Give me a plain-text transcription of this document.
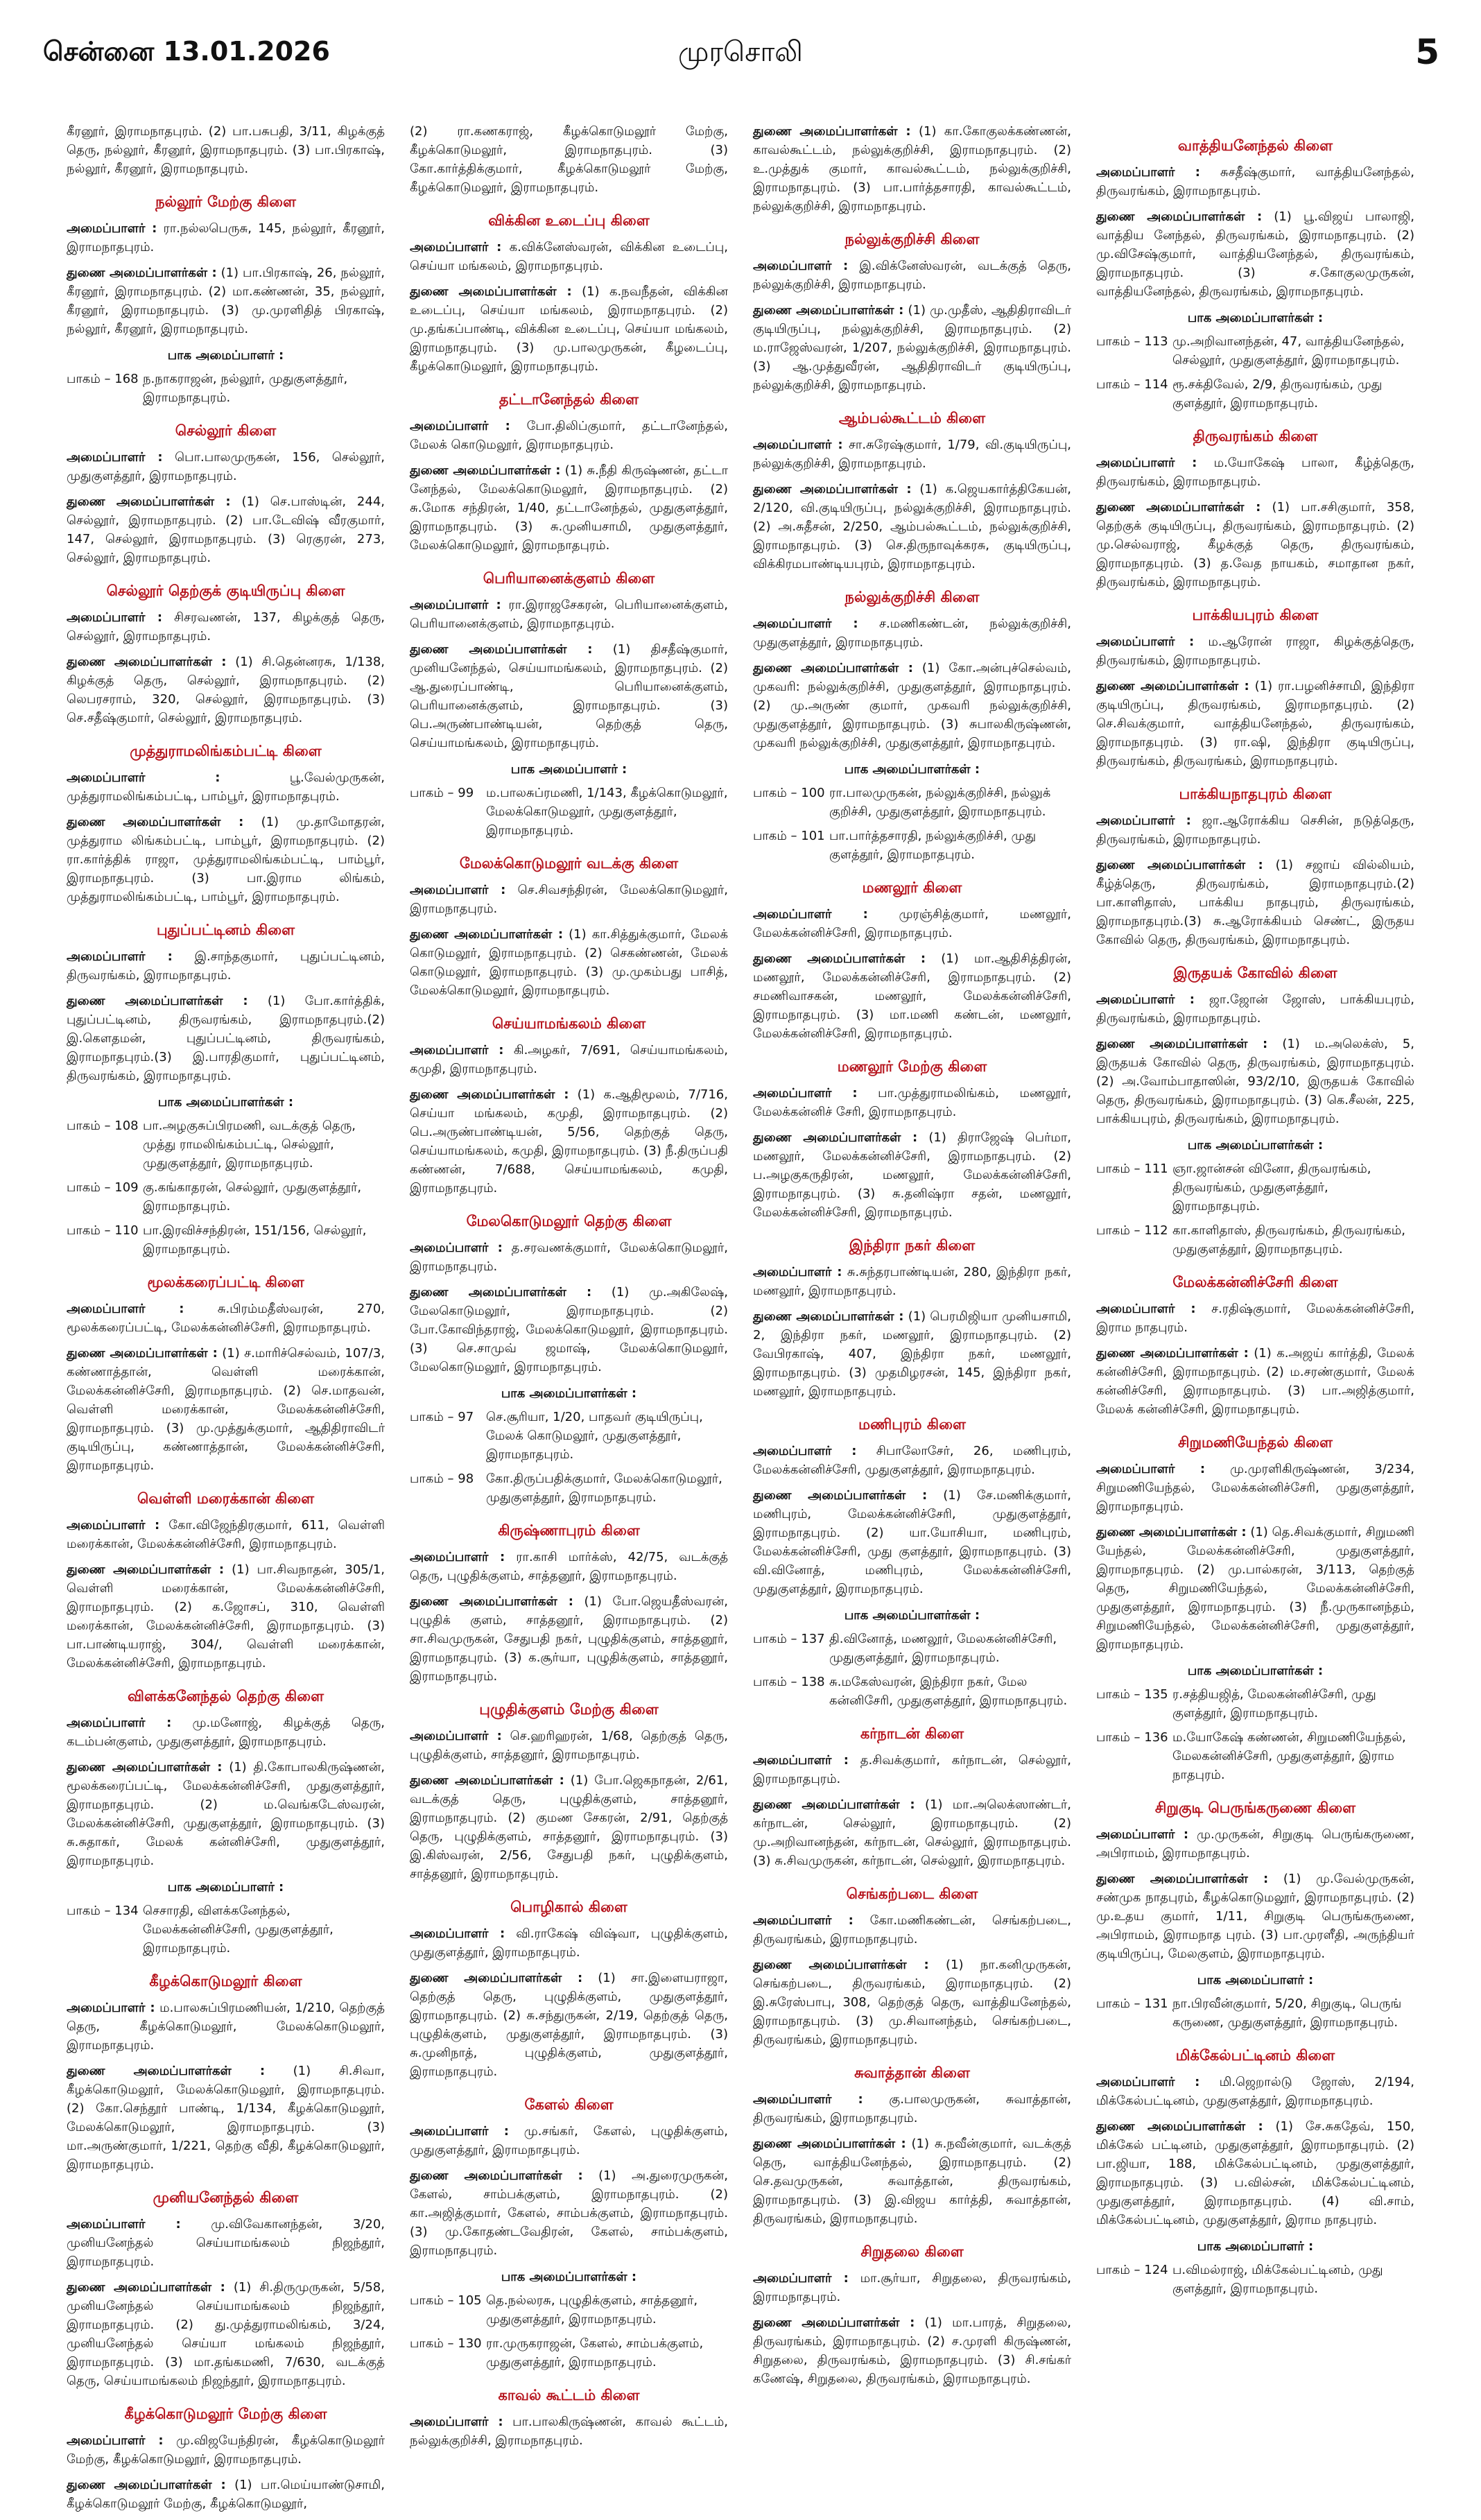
சென்னை 13.01.2026	முரசொலி	5

கீரனூர், இராமநாதபுரம். (2) பா.பசுபதி, 3/11, கிழக்குத் தெரு, நல்லூர், கீரனூர், இராமநாதபுரம். (3) பா.பிரகாஷ், நல்லூர், கீரனூர், இராமநாதபுரம்.

நல்லூர் மேற்கு கிளை

அமைப்பாளர் : ரா.நல்லபெருசு, 145, நல்லூர், கீரனூர், இராமநாதபுரம்.

துணை அமைப்பாளர்கள் : (1) பா.பிரகாஷ், 26, நல்லூர், கீரனூர், இராமநாதபுரம். (2) மா.கண்ணன், 35, நல்லூர், கீரனூர், இராமநாதபுரம். (3) மு.முரளிதித் பிரகாஷ், நல்லூர், கீரனூர், இராமநாதபுரம்.

பாக அமைப்பாளர் :
பாகம் – 168 ந.நாகராஜன், நல்லூர், முதுகுளத்தூர், இராமநாதபுரம்.
செல்லூர் கிளை

அமைப்பாளர் : பொ.பாலமுருகன், 156, செல்லூர், முதுகுளத்தூர், இராமநாதபுரம்.

துணை அமைப்பாளர்கள் : (1) செ.பாஸ்டின், 244, செல்லூர், இராமநாதபுரம். (2) பா.டேவிஷ் வீரகுமார், 147, செல்லூர், இராமநாதபுரம். (3) ரெகுரன், 273, செல்லூர், இராமநாதபுரம்.

செல்லூர் தெற்குக் குடியிருப்பு கிளை

அமைப்பாளர் : சிசரவணன், 137, கிழக்குத் தெரு, செல்லூர், இராமநாதபுரம்.

துணை அமைப்பாளர்கள் : (1) சி.தென்னரசு, 1/138, கிழக்குத் தெரு, செல்லூர், இராமநாதபுரம். (2) லெபரசராம், 320, செல்லூர், இராமநாதபுரம். (3) செ.சதீஷ்குமார், செல்லூர், இராமநாதபுரம்.

முத்துராமலிங்கம்பட்டி கிளை

அமைப்பாளர் :	பூ.வேல்முருகன், முத்துராமலிங்கம்பட்டி, பாம்பூர், இராமநாதபுரம்.

துணை அமைப்பாளர்கள் : (1) மு.தாமோதரன், முத்துராம லிங்கம்பட்டி, பாம்பூர், இராமநாதபுரம். (2) ரா.கார்த்திக் ராஜா, முத்துராமலிங்கம்பட்டி, பாம்பூர், இராமநாதபுரம். (3) பா.இராம லிங்கம், முத்துராமலிங்கம்பட்டி, பாம்பூர், இராமநாதபுரம்.

புதுப்பட்டினம் கிளை

அமைப்பாளர் : இ.சாந்தகுமார், புதுப்பட்டினம், திருவரங்கம், இராமநாதபுரம்.

துணை அமைப்பாளர்கள் : (1) போ.கார்த்திக், புதுப்பட்டினம், திருவரங்கம், இராமநாதபுரம்.(2) இ.கௌதமன், புதுப்பட்டினம், திருவரங்கம், இராமநாதபுரம்.(3) இ.பாரதிகுமார், புதுப்பட்டினம், திருவரங்கம், இராமநாதபுரம்.

பாக அமைப்பாளர்கள் :
பாகம் – 108 பா.அழகுசுப்பிரமணி, வடக்குத் தெரு, முத்து ராமலிங்கம்பட்டி, செல்லூர், முதுகுளத்தூர், இராமநாதபுரம்.
பாகம் – 109 கு.கங்காதரன், செல்லூர், முதுகுளத்தூர், இராமநாதபுரம்.
பாகம் – 110 பா.இரவிச்சந்திரன், 151/156, செல்லூர், இராமநாதபுரம்.
மூலக்கரைப்பட்டி கிளை

அமைப்பாளர் :	சு.பிரம்மதீஸ்வரன், 270, மூலக்கரைப்பட்டி, மேலக்கன்னிச்சேரி, இராமநாதபுரம்.

துணை அமைப்பாளர்கள் : (1) ச.மாரிச்செல்வம், 107/3, கண்ணாத்தான், வெள்ளி மரைக்கான், மேலக்கன்னிச்சேரி, இராமநாதபுரம். (2) செ.மாதவன், வெள்ளி மரைக்கான், மேலக்கன்னிச்சேரி, இராமநாதபுரம். (3) மு.முத்துக்குமார், ஆதிதிராவிடர் குடியிருப்பு, கண்ணாத்தான், மேலக்கன்னிச்சேரி, இராமநாதபுரம்.

வெள்ளி மரைக்கான் கிளை

அமைப்பாளர் : கோ.விஜேந்திரகுமார், 611, வெள்ளி மரைக்கான், மேலக்கன்னிச்சேரி, இராமநாதபுரம்.

துணை அமைப்பாளர்கள் : (1) பா.சிவநாதன், 305/1, வெள்ளி மரைக்கான், மேலக்கன்னிச்சேரி, இராமநாதபுரம். (2) க.ஜோசப், 310, வெள்ளி மரைக்கான், மேலக்கன்னிச்சேரி, இராமநாதபுரம். (3) பா.பாண்டியராஜ், 304/, வெள்ளி மரைக்கான், மேலக்கன்னிச்சேரி, இராமநாதபுரம்.

விளக்கனேந்தல் தெற்கு கிளை

அமைப்பாளர் : மு.மனோஜ், கிழக்குத் தெரு, கடம்பன்குளம், முதுகுளத்தூர், இராமநாதபுரம்.

துணை அமைப்பாளர்கள் : (1) தி.கோபாலகிருஷ்ணன், மூலக்கரைப்பட்டி, மேலக்கன்னிச்சேரி, முதுகுளத்தூர், இராமநாதபுரம். (2) ம.வெங்கடேஸ்வரன், மேலக்கன்னிச்சேரி, முதுகுளத்தூர், இராமநாதபுரம். (3) சு.சுதாகர், மேலக் கன்னிச்சேரி, முதுகுளத்தூர், இராமநாதபுரம்.

பாக அமைப்பாளர் :
பாகம் – 134 செசாரதி, விளக்கனேந்தல், மேலக்கன்னிச்சேரி, முதுகுளத்தூர், இராமநாதபுரம்.
கீழக்கொடுமலூர் கிளை

அமைப்பாளர் : ம.பாலசுப்பிரமணியன், 1/210, தெற்குத் தெரு, கீழக்கொடுமலூர், மேலக்கொடுமலூர், இராமநாதபுரம்.

துணை அமைப்பாளர்கள் : (1) சி.சிவா, கீழக்கொடுமலூர், மேலக்கொடுமலூர், இராமநாதபுரம். (2) கோ.செந்தூர் பாண்டி, 1/134, கீழக்கொடுமலூர், மேலக்கொடுமலூர், இராமநாதபுரம். (3) மா.அருண்குமார், 1/221, தெற்கு வீதி, கீழக்கொடுமலூர், இராமநாதபுரம்.

முனியனேந்தல் கிளை

அமைப்பாளர் : மு.விவேகானந்தன், 3/20, முனியனேந்தல் செய்யாமங்கலம் நிஜந்தூர், இராமநாதபுரம்.

துணை அமைப்பாளர்கள் : (1) சி.திருமுருகன், 5/58, முனியனேந்தல் செய்யாமங்கலம் நிஜந்தூர், இராமநாதபுரம். (2) து.முத்துராமலிங்கம், 3/24, முனியனேந்தல் செய்யா மங்கலம் நிஜந்தூர், இராமநாதபுரம். (3) மா.தங்கமணி, 7/630, வடக்குத் தெரு, செய்யாமங்கலம் நிஜந்தூர், இராமநாதபுரம்.

கீழக்கொடுமலூர் மேற்கு கிளை

அமைப்பாளர் : மு.விஜயேந்திரன், கீழக்கொடுமலூர் மேற்கு, கீழக்கொடுமலூர், இராமநாதபுரம்.

துணை அமைப்பாளர்கள் : (1) பா.மெய்யாண்டுசாமி, கீழக்கொடுமலூர் மேற்கு, கீழக்கொடுமலூர்,

(2) ரா.கணகராஜ், கீழக்கொடுமலூர் மேற்கு, கீழக்கொடுமலூர், இராமநாதபுரம். (3) கோ.கார்த்திக்குமார், கீழக்கொடுமலூர் மேற்கு, கீழக்கொடுமலூர், இராமநாதபுரம்.

விக்கின உடைப்பு கிளை

அமைப்பாளர் : க.விக்னேஸ்வரன், விக்கின உடைப்பு, செய்யா மங்கலம், இராமநாதபுரம்.

துணை அமைப்பாளர்கள் : (1) க.நவநீதன், விக்கின உடைப்பு, செய்யா மங்கலம், இராமநாதபுரம். (2) மு.தங்கப்பாண்டி, விக்கின உடைப்பு, செய்யா மங்கலம், இராமநாதபுரம். (3) மு.பாலமுருகன், கீழடைப்பு, கீழக்கொடுமலூர், இராமநாதபுரம்.

தட்டானேந்தல் கிளை

அமைப்பாளர் : போ.திலிப்குமார், தட்டானேந்தல், மேலக் கொடுமலூர், இராமநாதபுரம்.

துணை அமைப்பாளர்கள் : (1) சு.நீதி கிருஷ்ணன், தட்டா னேந்தல், மேலக்கொடுமலூர், இராமநாதபுரம். (2) சு.மோக சந்திரன், 1/40, தட்டானேந்தல், முதுகுளத்தூர், இராமநாதபுரம். (3) சு.முனியசாமி, முதுகுளத்தூர், மேலக்கொடுமலூர், இராமநாதபுரம்.

பெரியானைக்குளம் கிளை

அமைப்பாளர் : ரா.இராஜசேகரன், பெரியானைக்குளம், பெரியானைக்குளம், இராமநாதபுரம்.

துணை அமைப்பாளர்கள் : (1) திசதீஷ்குமார், முனியனேந்தல், செய்யாமங்கலம், இராமநாதபுரம். (2) ஆ.துரைப்பாண்டி, பெரியானைக்குளம், பெரியானைக்குளம், இராமநாதபுரம். (3) பெ.அருண்பாண்டியன், தெற்குத் தெரு, செய்யாமங்கலம், இராமநாதபுரம்.

பாக அமைப்பாளர் :
பாகம் – 99 ம.பாலசுப்ரமணி, 1/143, கீழக்கொடுமலூர், மேலக்கொடுமலூர், முதுகுளத்தூர், இராமநாதபுரம்.
மேலக்கொடுமலூர் வடக்கு கிளை

அமைப்பாளர் : செ.சிவசந்திரன், மேலக்கொடுமலூர், இராமநாதபுரம்.

துணை அமைப்பாளர்கள் : (1) கா.சித்துக்குமார், மேலக் கொடுமலூர், இராமநாதபுரம். (2) செகண்ணன், மேலக் கொடுமலூர், இராமநாதபுரம். (3) மு.முகம்பது பாசித், மேலக்கொடுமலூர், இராமநாதபுரம்.

செய்யாமங்கலம் கிளை

அமைப்பாளர் : கி.அழகர், 7/691, செய்யாமங்கலம், கமுதி, இராமநாதபுரம்.

துணை அமைப்பாளர்கள் : (1) க.ஆதிமூலம், 7/716, செய்யா மங்கலம், கமுதி, இராமநாதபுரம். (2) பெ.அருண்பாண்டியன், 5/56, தெற்குத் தெரு, செய்யாமங்கலம், கமுதி, இராமநாதபுரம். (3) நீ.திருப்பதி கண்ணன், 7/688, செய்யாமங்கலம், கமுதி, இராமநாதபுரம்.

மேலகொடுமலூர் தெற்கு கிளை

அமைப்பாளர் : த.சரவணக்குமார், மேலக்கொடுமலூர், இராமநாதபுரம்.

துணை அமைப்பாளர்கள் : (1) மு.அகிலேஷ், மேலகொடுமலூர், இராமநாதபுரம். (2) போ.கோவிந்தராஜ், மேலக்கொடுமலூர், இராமநாதபுரம். (3) செ.சாமுவ் ஜமாஷ், மேலக்கொடுமலூர், மேலகொடுமலூர், இராமநாதபுரம்.

பாக அமைப்பாளர்கள் :
பாகம் – 97 செ.சூரியா, 1/20, பாதவர் குடியிருப்பு, மேலக் கொடுமலூர், முதுகுளத்தூர், இராமநாதபுரம்.
பாகம் – 98 கோ.திருப்பதிக்குமார், மேலக்கொடுமலூர், முதுகுளத்தூர், இராமநாதபுரம்.
கிருஷ்ணாபுரம் கிளை

அமைப்பாளர் : ரா.காசி மார்க்ஸ், 42/75, வடக்குத் தெரு, புழுதிக்குளம், சாத்தனூர், இராமநாதபுரம்.

துணை அமைப்பாளர்கள் : (1) போ.ஜெயதீஸ்வரன், புழுதிக் குளம், சாத்தனூர், இராமநாதபுரம். (2) சா.சிவமுருகன், சேதுபதி நகர், புழுதிக்குளம், சாத்தனூர், இராமநாதபுரம். (3) க.சூர்யா, புழுதிக்குளம், சாத்தனூர், இராமநாதபுரம்.

புழுதிக்குளம் மேற்கு கிளை

அமைப்பாளர் : செ.ஹரிஹரன், 1/68, தெற்குத் தெரு, புழுதிக்குளம், சாத்தனூர், இராமநாதபுரம்.

துணை அமைப்பாளர்கள் : (1) போ.ஜெகநாதன், 2/61, வடக்குத் தெரு, புழுதிக்குளம், சாத்தனூர், இராமநாதபுரம். (2) குமண சேகரன், 2/91, தெற்குத் தெரு, புழுதிக்குளம், சாத்தனூர், இராமநாதபுரம். (3) இ.கிஸ்வரன், 2/56, சேதுபதி நகர், புழுதிக்குளம், சாத்தனூர், இராமநாதபுரம்.

பொழிகால் கிளை

அமைப்பாளர் : வி.ராகேஷ் விஷ்வா, புழுதிக்குளம், முதுகுளத்தூர், இராமநாதபுரம்.

துணை அமைப்பாளர்கள் : (1) சா.இளையராஜா, தெற்குத் தெரு, புழுதிக்குளம், முதுகுளத்தூர், இராமநாதபுரம். (2) சு.சந்துருகன், 2/19, தெற்குத் தெரு, புழுதிக்குளம், முதுகுளத்தூர், இராமநாதபுரம். (3) சு.முனிநாத், புழுதிக்குளம், முதுகுளத்தூர், இராமநாதபுரம்.

கேளல் கிளை

அமைப்பாளர் : மு.சங்கர், கேளல், புழுதிக்குளம், முதுகுளத்தூர், இராமநாதபுரம்.

துணை அமைப்பாளர்கள் : (1) அ.துரைமுருகன், கேளல், சாம்பக்குளம், இராமநாதபுரம். (2) கா.அஜித்குமார், கேளல், சாம்பக்குளம், இராமநாதபுரம். (3) மு.கோதண்டவேதிரன், கேளல், சாம்பக்குளம், இராமநாதபுரம்.

பாக அமைப்பாளர்கள் :
பாகம் – 105 தெ.நல்லரசு, புழுதிக்குளம், சாத்தனூர், முதுகுளத்தூர், இராமநாதபுரம்.
பாகம் – 130 ரா.முருகராஜன், கேளல், சாம்பக்குளம், முதுகுளத்தூர், இராமநாதபுரம்.
காவல் கூட்டம் கிளை

அமைப்பாளர் : பா.பாலகிருஷ்ணன், காவல் கூட்டம், நல்லுக்குறிச்சி, இராமநாதபுரம்.

துணை அமைப்பாளர்கள் : (1) கா.கோகுலக்கண்ணன், காவல்கூட்டம், நல்லுக்குறிச்சி, இராமநாதபுரம். (2) உ.முத்துக் குமார், காவல்கூட்டம், நல்லுக்குறிச்சி, இராமநாதபுரம். (3) பா.பார்த்தசாரதி, காவல்கூட்டம், நல்லுக்குறிச்சி, இராமநாதபுரம்.

நல்லுக்குறிச்சி கிளை

அமைப்பாளர் : இ.விக்னேஸ்வரன், வடக்குத் தெரு, நல்லுக்குறிச்சி, இராமநாதபுரம்.

துணை அமைப்பாளர்கள் : (1) மு.முதீஸ், ஆதிதிராவிடர் குடியிருப்பு, நல்லுக்குறிச்சி, இராமநாதபுரம். (2) ம.ராஜேஸ்வரன், 1/207, நல்லுக்குறிச்சி, இராமநாதபுரம். (3) ஆ.முத்துவீரன், ஆதிதிராவிடர் குடியிருப்பு, நல்லுக்குறிச்சி, இராமநாதபுரம்.

ஆம்பல்கூட்டம் கிளை

அமைப்பாளர் : சா.சுரேஷ்குமார், 1/79, வி.குடியிருப்பு, நல்லுக்குறிச்சி, இராமநாதபுரம்.

துணை அமைப்பாளர்கள் : (1) க.ஜெயகார்த்திகேயன், 2/120, வி.குடியிருப்பு, நல்லுக்குறிச்சி, இராமநாதபுரம். (2) அ.சுதீசன், 2/250, ஆம்பல்கூட்டம், நல்லுக்குறிச்சி, இராமநாதபுரம். (3) செ.திருநாவுக்கரசு, குடியிருப்பு, விக்கிரமபாண்டியபுரம், இராமநாதபுரம்.

நல்லுக்குறிச்சி கிளை

அமைப்பாளர் : ச.மணிகண்டன், நல்லுக்குறிச்சி, முதுகுளத்தூர், இராமநாதபுரம்.

துணை அமைப்பாளர்கள் : (1) கோ.அன்புச்செல்வம், முகவரி: நல்லுக்குறிச்சி, முதுகுளத்தூர், இராமநாதபுரம். (2) மு.அருண் குமார், முகவரி நல்லுக்குறிச்சி, முதுகுளத்தூர், இராமநாதபுரம். (3) சுபாலகிருஷ்ணன், முகவரி நல்லுக்குறிச்சி, முதுகுளத்தூர், இராமநாதபுரம்.

பாக அமைப்பாளர்கள் :
பாகம் – 100 ரா.பாலமுருகன், நல்லுக்குறிச்சி, நல்லுக் குறிச்சி, முதுகுளத்தூர், இராமநாதபுரம்.
பாகம் – 101 பா.பார்த்தசாரதி, நல்லுக்குறிச்சி, முது குளத்தூர், இராமநாதபுரம்.
மணலூர் கிளை

அமைப்பாளர் : முரஞ்சித்குமார், மணலூர், மேலக்கன்னிச்சேரி, இராமநாதபுரம்.

துணை அமைப்பாளர்கள் : (1) மா.ஆதிசித்திரன், மணலூர், மேலக்கன்னிச்சேரி, இராமநாதபுரம். (2) சமணிவாசகன், மணலூர், மேலக்கன்னிச்சேரி, இராமநாதபுரம். (3) மா.மணி கண்டன், மணலூர், மேலக்கன்னிச்சேரி, இராமநாதபுரம்.

மணலூர் மேற்கு கிளை

அமைப்பாளர் : பா.முத்துராமலிங்கம், மணலூர், மேலக்கன்னிச் சேரி, இராமநாதபுரம்.

துணை அமைப்பாளர்கள் : (1) திராஜேஷ் பெர்மா, மணலூர், மேலக்கன்னிச்சேரி, இராமநாதபுரம். (2) ப.அழகுகருதிரன், மணலூர், மேலக்கன்னிச்சேரி, இராமநாதபுரம். (3) சு.தனிஷ்ரா சதன், மணலூர், மேலக்கன்னிச்சேரி, இராமநாதபுரம்.

இந்திரா நகர் கிளை

அமைப்பாளர் : சு.சுந்தரபாண்டியன், 280, இந்திரா நகர், மணலூர், இராமநாதபுரம்.

துணை அமைப்பாளர்கள் : (1) பெரமிஜியா முனியசாமி, 2, இந்திரா நகர், மணலூர், இராமநாதபுரம். (2) வேபிரகாஷ், 407, இந்திரா நகர், மணலூர், இராமநாதபுரம். (3) முதமிழரசன், 145, இந்திரா நகர், மணலூர், இராமநாதபுரம்.

மணிபுரம் கிளை

அமைப்பாளர் : சிபாலோசேர், 26, மணிபுரம், மேலக்கன்னிச்சேரி, முதுகுளத்தூர், இராமநாதபுரம்.

துணை அமைப்பாளர்கள் : (1) சே.மணிக்குமார், மணிபுரம், மேலக்கன்னிச்சேரி, முதுகுளத்தூர், இராமநாதபுரம். (2) யா.யோசியா, மணிபுரம், மேலக்கன்னிச்சேரி, முது குளத்தூர், இராமநாதபுரம். (3) வி.வினோத், மணிபுரம், மேலக்கன்னிச்சேரி, முதுகுளத்தூர், இராமநாதபுரம்.

பாக அமைப்பாளர்கள் :
பாகம் – 137 தி.வினோத், மணலூர், மேலகன்னிச்சேரி, முதுகுளத்தூர், இராமநாதபுரம்.
பாகம் – 138 சு.மகேஸ்வரன், இந்திரா நகர், மேல கன்னிசேரி, முதுகுளத்தூர், இராமநாதபுரம்.
கர்நாடன் கிளை

அமைப்பாளர் : த.சிவக்குமார், கர்நாடன், செல்லூர், இராமநாதபுரம்.

துணை அமைப்பாளர்கள் : (1) மா.அலெக்ஸாண்டர், கர்நாடன், செல்லூர், இராமநாதபுரம். (2) மு.அறிவானந்தன், கர்நாடன், செல்லூர், இராமநாதபுரம். (3) சு.சிவமுருகன், கர்நாடன், செல்லூர், இராமநாதபுரம்.

செங்கற்படை கிளை

அமைப்பாளர் : கோ.மணிகண்டன், செங்கற்படை, திருவரங்கம், இராமநாதபுரம்.

துணை அமைப்பாளர்கள் : (1) நா.கனிமுருகன், செங்கற்படை, திருவரங்கம், இராமநாதபுரம். (2) இ.சுரேஸ்பாபு, 308, தெற்குத் தெரு, வாத்தியனேந்தல், இராமநாதபுரம். (3) மு.சிவானந்தம், செங்கற்படை, திருவரங்கம், இராமநாதபுரம்.

சுவாத்தான் கிளை

அமைப்பாளர் : கு.பாலமுருகன், சுவாத்தான், திருவரங்கம், இராமநாதபுரம்.

துணை அமைப்பாளர்கள் : (1) சு.நவீன்குமார், வடக்குத் தெரு, வாத்தியனேந்தல், இராமநாதபுரம். (2) செ.தவமுருகன், சுவாத்தான், திருவரங்கம், இராமநாதபுரம். (3) இ.விஜய கார்த்தி, சுவாத்தான், திருவரங்கம், இராமநாதபுரம்.

சிறுதலை கிளை

அமைப்பாளர் : மா.சூர்யா, சிறுதலை, திருவரங்கம், இராமநாதபுரம்.

துணை அமைப்பாளர்கள் : (1) மா.பாரத், சிறுதலை, திருவரங்கம், இராமநாதபுரம். (2) ச.முரளி கிருஷ்ணன், சிறுதலை, திருவரங்கம், இராமநாதபுரம். (3) சி.சங்கர் கணேஷ், சிறுதலை, திருவரங்கம், இராமநாதபுரம்.

வாத்தியனேந்தல் கிளை

அமைப்பாளர் : சுசதீஷ்குமார், வாத்தியனேந்தல், திருவரங்கம், இராமநாதபுரம்.

துணை அமைப்பாளர்கள் : (1) பூ.விஜய் பாலாஜி, வாத்திய னேந்தல், திருவரங்கம், இராமநாதபுரம். (2) மு.விசேஷ்குமார், வாத்தியனேந்தல், திருவரங்கம், இராமநாதபுரம். (3) ச.கோகுலமுருகன், வாத்தியனேந்தல், திருவரங்கம், இராமநாதபுரம்.

பாக அமைப்பாளர்கள் :
பாகம் – 113 மு.அறிவானந்தன், 47, வாத்தியனேந்தல், செல்லூர், முதுகுளத்தூர், இராமநாதபுரம்.
பாகம் – 114 ரூ.சக்திவேல், 2/9, திருவரங்கம், முது குளத்தூர், இராமநாதபுரம்.
திருவரங்கம் கிளை

அமைப்பாளர் : ம.யோகேஷ் பாலா, கீழ்த்தெரு, திருவரங்கம், இராமநாதபுரம்.

துணை அமைப்பாளர்கள் : (1) பா.சசிகுமார், 358, தெற்குக் குடியிருப்பு, திருவரங்கம், இராமநாதபுரம். (2) மு.செல்வராஜ், கீழக்குத் தெரு, திருவரங்கம், இராமநாதபுரம். (3) த.வேத நாயகம், சமாதான நகர், திருவரங்கம், இராமநாதபுரம்.

பாக்கியபுரம் கிளை

அமைப்பாளர் : ம.ஆரோன் ராஜா, கிழக்குத்தெரு, திருவரங்கம், இராமநாதபுரம்.

துணை அமைப்பாளர்கள் : (1) ரா.பழனிச்சாமி, இந்திரா குடியிருப்பு, திருவரங்கம், இராமநாதபுரம். (2) செ.சிவக்குமார், வாத்தியனேந்தல், திருவரங்கம், இராமநாதபுரம். (3) ரா.ஷி, இந்திரா குடியிருப்பு, திருவரங்கம், திருவரங்கம், இராமநாதபுரம்.

பாக்கியநாதபுரம் கிளை

அமைப்பாளர் : ஜா.ஆரோக்கிய செசின், நடுத்தெரு, திருவரங்கம், இராமநாதபுரம்.

துணை அமைப்பாளர்கள் : (1) சஜாய் வில்லியம், கீழ்த்தெரு, திருவரங்கம், இராமநாதபுரம்.(2) பா.காளிதாஸ், பாக்கிய நாதபுரம், திருவரங்கம், இராமநாதபுரம்.(3) சு.ஆரோக்கியம் செண்ட், இருதய கோவில் தெரு, திருவரங்கம், இராமநாதபுரம்.

இருதயக் கோவில் கிளை

அமைப்பாளர் : ஜா.ஜோன் ஜோஸ், பாக்கியபுரம், திருவரங்கம், இராமநாதபுரம்.

துணை அமைப்பாளர்கள் : (1) ம.அலெக்ஸ், 5, இருதயக் கோவில் தெரு, திருவரங்கம், இராமநாதபுரம். (2) அ.வோம்பாதாஸின், 93/2/10, இருதயக் கோவில் தெரு, திருவரங்கம், இராமநாதபுரம். (3) கெ.சீலன், 225, பாக்கியபுரம், திருவரங்கம், இராமநாதபுரம்.

பாக அமைப்பாளர்கள் :
பாகம் – 111 ஞா.ஜான்சன் வினோ, திருவரங்கம், திருவரங்கம், முதுகுளத்தூர், இராமநாதபுரம்.
பாகம் – 112 கா.காளிதாஸ், திருவரங்கம், திருவரங்கம், முதுகுளத்தூர், இராமநாதபுரம்.
மேலக்கன்னிச்சேரி கிளை

அமைப்பாளர் : ச.ரதிஷ்குமார், மேலக்கன்னிச்சேரி, இராம நாதபுரம்.

துணை அமைப்பாளர்கள் : (1) க.அஜய் கார்த்தி, மேலக் கன்னிச்சேரி, இராமநாதபுரம். (2) ம.சரண்குமார், மேலக் கன்னிச்சேரி, இராமநாதபுரம். (3) பா.அஜித்குமார், மேலக் கன்னிச்சேரி, இராமநாதபுரம்.

சிறுமணியேந்தல் கிளை

அமைப்பாளர் : மு.முரளிகிருஷ்ணன், 3/234, சிறுமணியேந்தல், மேலக்கன்னிச்சேரி, முதுகுளத்தூர், இராமநாதபுரம்.

துணை அமைப்பாளர்கள் : (1) தெ.சிவக்குமார், சிறுமணி யேந்தல், மேலக்கன்னிச்சேரி, முதுகுளத்தூர், இராமநாதபுரம். (2) மு.பால்கரன், 3/113, தெற்குத் தெரு, சிறுமணியேந்தல், மேலக்கன்னிச்சேரி, முதுகுளத்தூர், இராமநாதபுரம். (3) நீ.முருகானந்தம், சிறுமணியேந்தல், மேலக்கன்னிச்சேரி, முதுகுளத்தூர், இராமநாதபுரம்.

பாக அமைப்பாளர்கள் :
பாகம் – 135 ர.சத்தியஜித், மேலகன்னிச்சேரி, முது குளத்தூர், இராமநாதபுரம்.
பாகம் – 136 ம.யோகேஷ் கண்ணன், சிறுமணியேந்தல், மேலகன்னிச்சேரி, முதுகுளத்தூர், இராம நாதபுரம்.
சிறுகுடி பெருங்கருணை கிளை

அமைப்பாளர் : மு.முருகன், சிறுகுடி பெருங்கருணை, அபிராமம், இராமநாதபுரம்.

துணை அமைப்பாளர்கள் : (1) மு.வேல்முருகன், சண்முக நாதபுரம், கீழக்கொடுமலூர், இராமநாதபுரம். (2) மு.உதய குமார், 1/11, சிறுகுடி பெருங்கருணை, அபிராமம், இராமநாத புரம். (3) பா.முரளீதி, அருந்தியர் குடியிருப்பு, மேலகுளம், இராமநாதபுரம்.

பாக அமைப்பாளர் :
பாகம் – 131 நா.பிரவீன்குமார், 5/20, சிறுகுடி, பெருங் கருணை, முதுகுளத்தூர், இராமநாதபுரம்.
மிக்கேல்பட்டினம் கிளை

அமைப்பாளர் : மி.ஜெறால்டு ஜோஸ், 2/194, மிக்கேல்பட்டினம், முதுகுளத்தூர், இராமநாதபுரம்.

துணை அமைப்பாளர்கள் : (1) சே.சுகதேவ், 150, மிக்கேல் பட்டினம், முதுகுளத்தூர், இராமநாதபுரம். (2) பா.ஜியா, 188, மிக்கேல்பட்டினம், முதுகுளத்தூர், இராமநாதபுரம். (3) ப.வில்சன், மிக்கேல்பட்டினம், முதுகுளத்தூர், இராமநாதபுரம். (4) வி.சாம், மிக்கேல்பட்டினம், முதுகுளத்தூர், இராம நாதபுரம்.

பாக அமைப்பாளர் :
பாகம் – 124 ப.விமல்ராஜ், மிக்கேல்பட்டினம், முது குளத்தூர், இராமநாதபுரம்.
